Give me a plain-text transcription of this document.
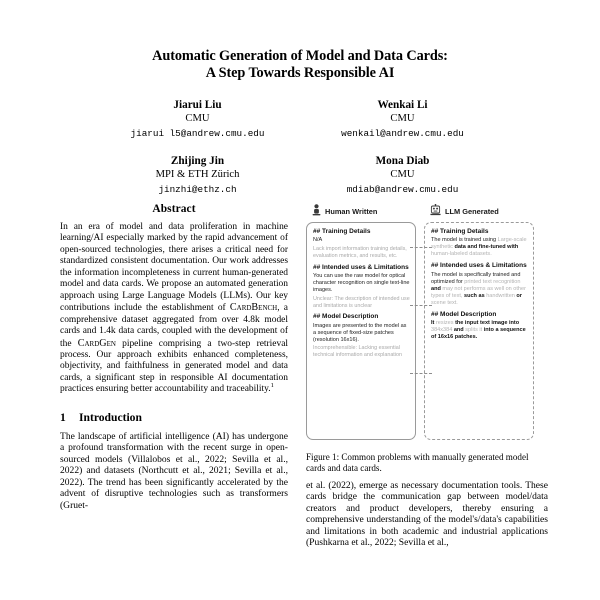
Automatic Generation of Model and Data Cards:
A Step Towards Responsible AI
Jiarui Liu
CMU
jiarui l5@andrew.cmu.edu
Wenkai Li
CMU
wenkail@andrew.cmu.edu
Zhijing Jin
MPI & ETH Zürich
jinzhi@ethz.ch
Mona Diab
CMU
mdiab@andrew.cmu.edu
Abstract
In an era of model and data proliferation in machine learning/AI especially marked by the rapid advancement of open-sourced technologies, there arises a critical need for standardized consistent documentation. Our work addresses the information incompleteness in current human-generated model and data cards. We propose an automated generation approach using Large Language Models (LLMs). Our key contributions include the establishment of CardBench, a comprehensive dataset aggregated from over 4.8k model cards and 1.4k data cards, coupled with the development of the CardGen pipeline comprising a two-step retrieval process. Our approach exhibits enhanced completeness, objectivity, and faithfulness in generated model and data cards, a significant step in responsible AI documentation practices ensuring better accountability and traceability.$^1$
1	Introduction
The landscape of artificial intelligence (AI) has undergone a profound transformation with the recent surge in open-sourced models (Villalobos et al., 2022; Sevilla et al., 2022) and datasets (Northcutt et al., 2021; Sevilla et al., 2022). The trend has been significantly accelerated by the advent of disruptive technologies such as transformers (Gruet-
Human Written
## Training Details
N/A
Lack import information training details, evaluation metrics, and results, etc.
## Intended uses & Limitations
You can use the raw model for optical character recognition on single text-line images.
Unclear: The description of intended use and limitations is unclear
## Model Description
Images are presented to the model as a sequence of fixed-size patches (resolution 16x16).
Incomprehensible: Lacking essential technical information and explanation
LLM Generated
## Training Details
The model is trained using Large-scale synthetic data and fine-tuned with human-labeled datasets.
## Intended uses & Limitations
The model is specifically trained and optimized for printed text recognition and may not performs as well on other types of text, such as handwritten or scene text.
## Model Description
It resizes the input text image into 384x384 and splits it into a sequence of 16x16 patches.
Figure 1: Common problems with manually generated model cards and data cards.
et al. (2022), emerge as necessary documentation tools. These cards bridge the communication gap between model/data creators and product developers, thereby ensuring a comprehensive understanding of the model's/data's capabilities and limitations in both academic and industrial applications (Pushkarna et al., 2022; Sevilla et al.,
